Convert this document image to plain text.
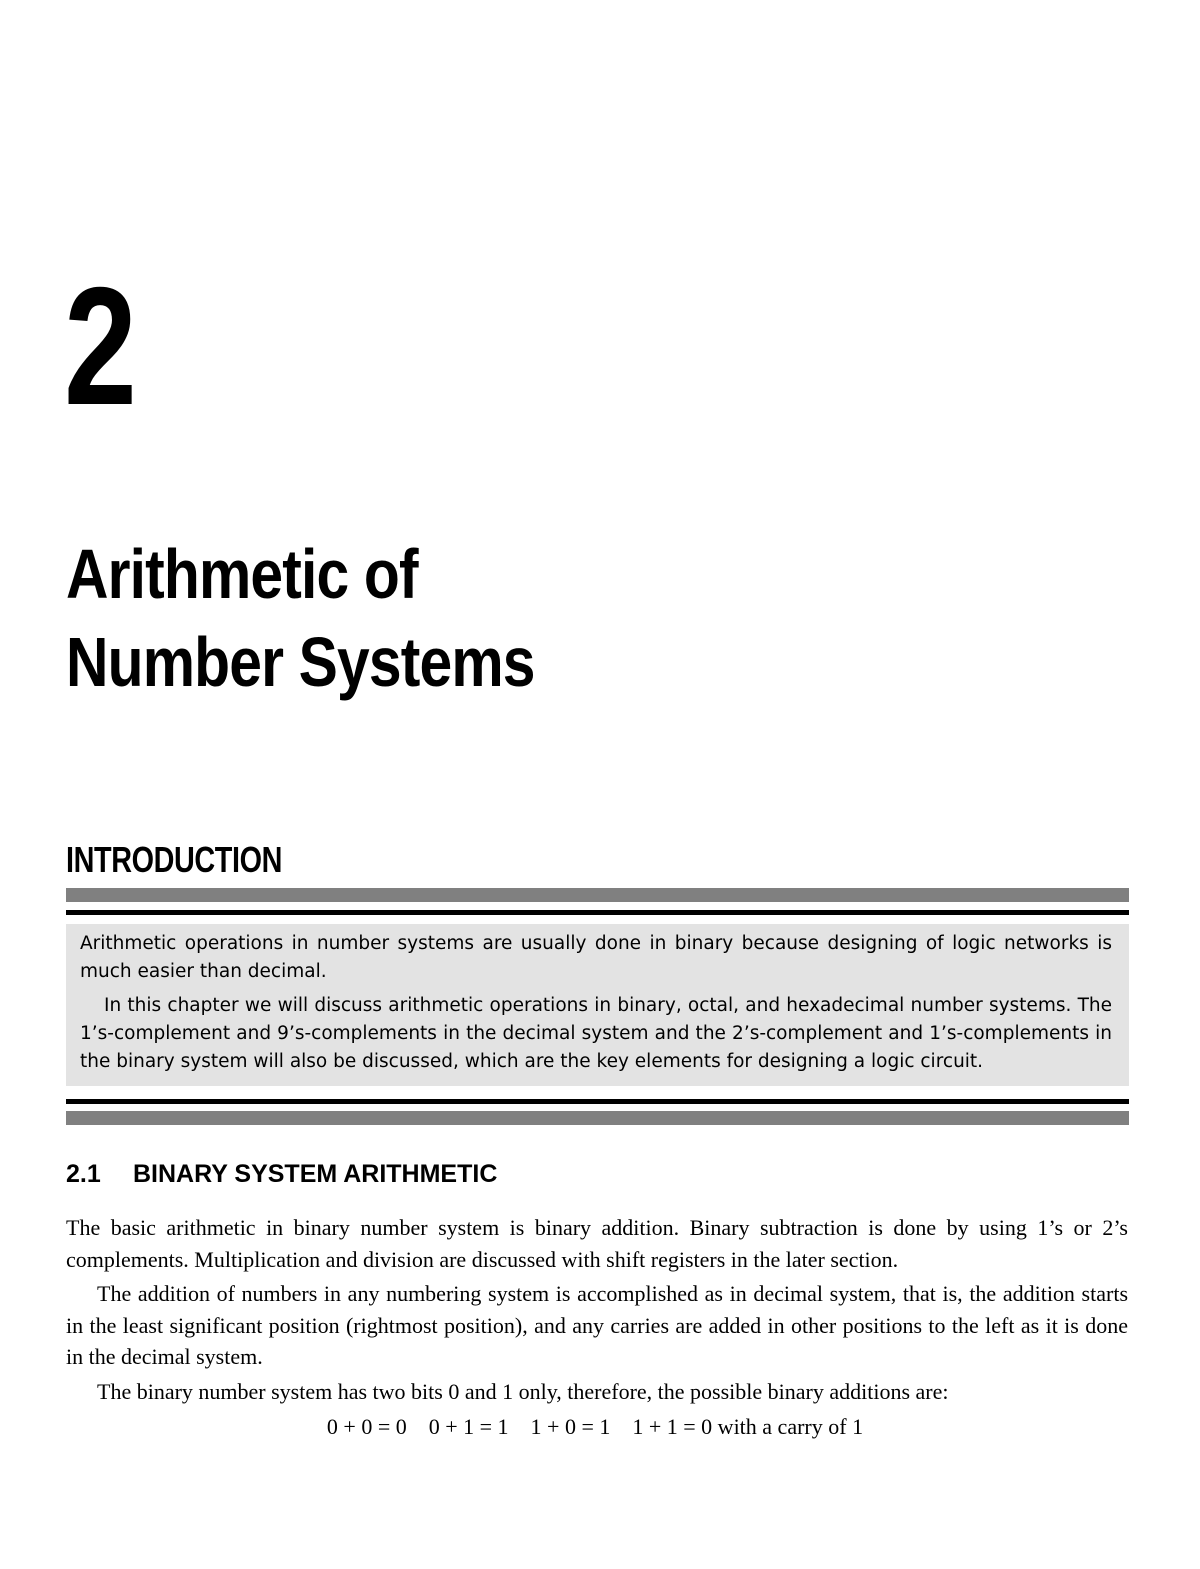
2
Arithmetic of
Number Systems
INTRODUCTION

Arithmetic operations in number systems are usually done in binary because designing of logic networks is much easier than decimal.

In this chapter we will discuss arithmetic operations in binary, octal, and hexadecimal number systems. The 1’s-complement and 9’s-complements in the decimal system and the 2’s-complement and 1’s-complements in the binary system will also be discussed, which are the key elements for designing a logic circuit.

2.1 BINARY SYSTEM ARITHMETIC

The basic arithmetic in binary number system is binary addition. Binary subtraction is done by using 1’s or 2’s complements. Multiplication and division are discussed with shift registers in the later section.

The addition of numbers in any numbering system is accomplished as in decimal system, that is, the addition starts in the least significant position (rightmost position), and any carries are added in other positions to the left as it is done in the decimal system.

The binary number system has two bits 0 and 1 only, therefore, the possible binary additions are:

0 + 0 = 0    0 + 1 = 1    1 + 0 = 1    1 + 1 = 0 with a carry of 1
